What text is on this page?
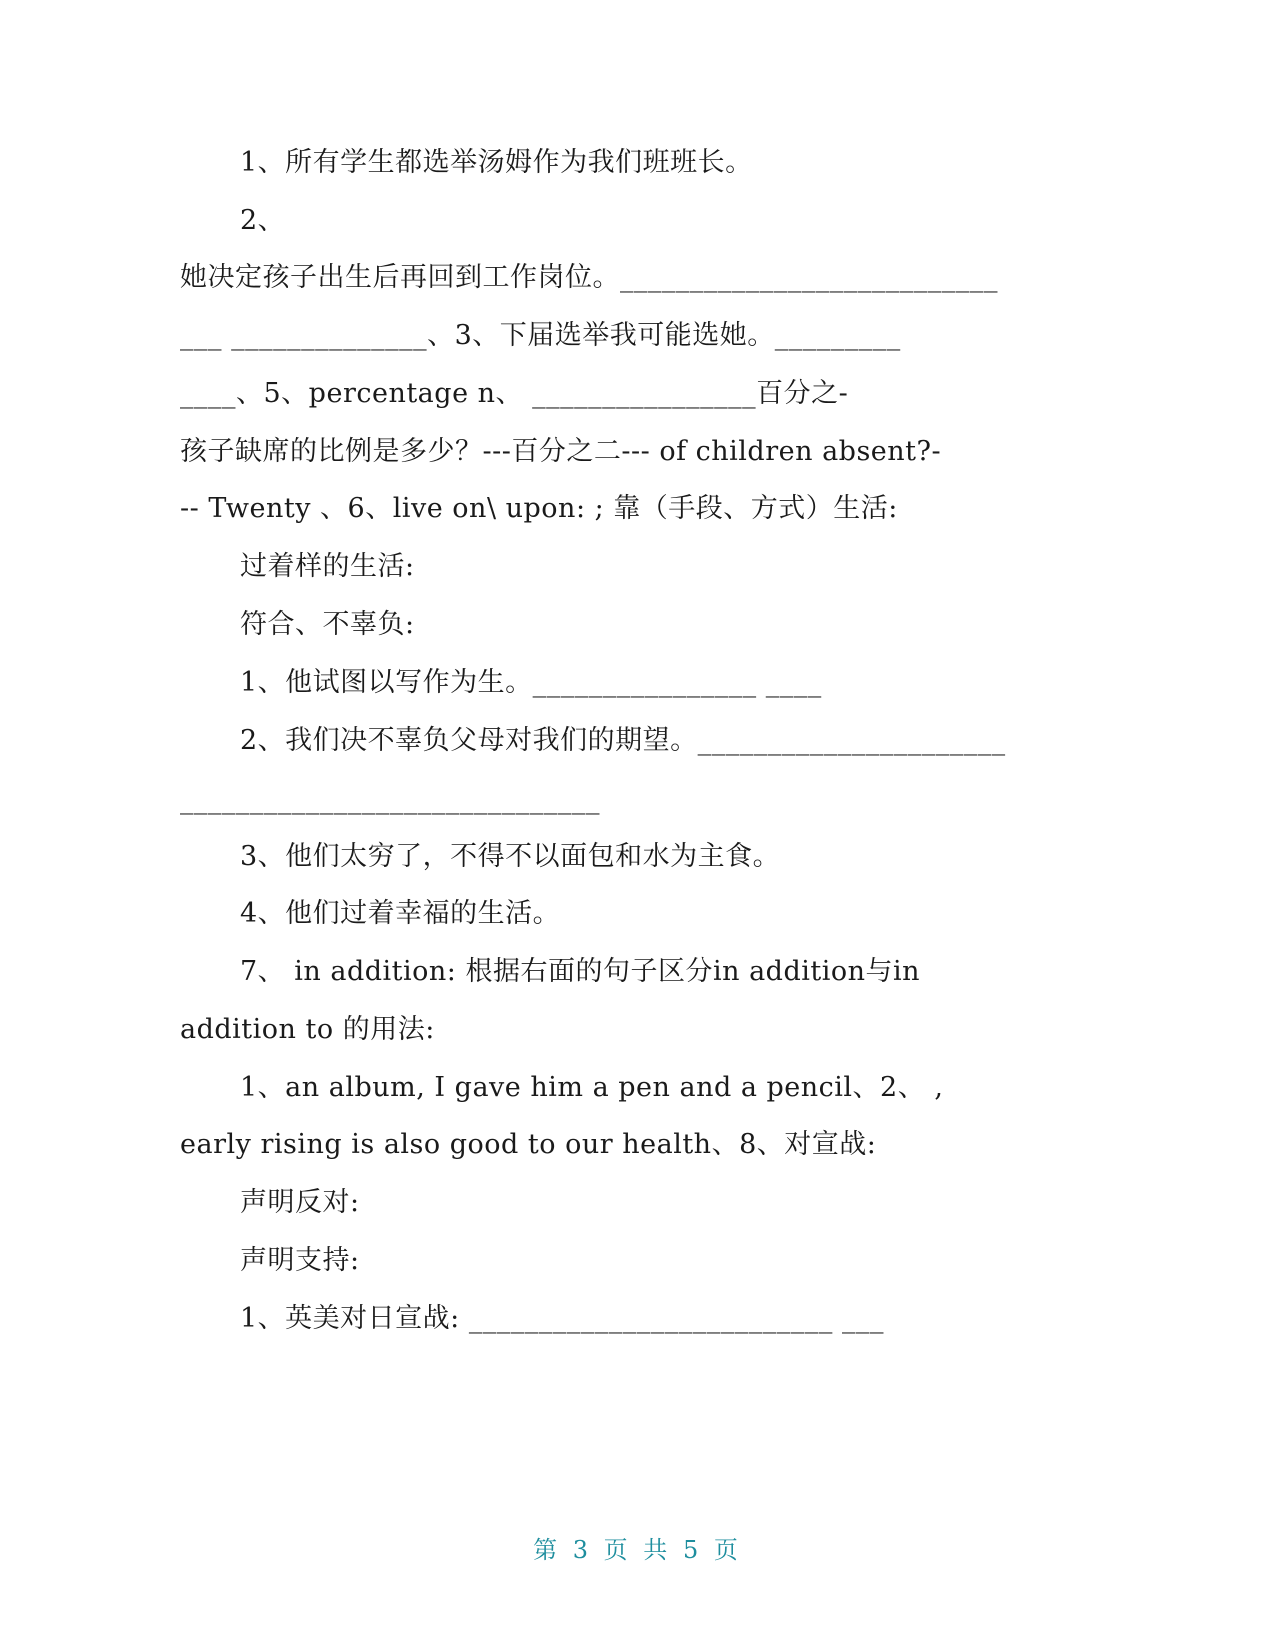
1、所有学生都选举汤姆作为我们班班长。
2、
她决定孩子出生后再回到工作岗位。___________________________
___ ______________、3、下届选举我可能选她。_________
____、5、percentage n、 ________________百分之-
孩子缺席的比例是多少？---百分之二--- of children absent?-
-- Twenty 、6、live on\ upon: ; 靠（手段、方式）生活:
过着样的生活:
符合、不辜负:
1、他试图以写作为生。________________ ____
2、我们决不辜负父母对我们的期望。______________________
______________________________
3、他们太穷了，不得不以面包和水为主食。
4、他们过着幸福的生活。
7、 in addition: 根据右面的句子区分in addition与in
addition to 的用法:
1、an album, I gave him a pen and a pencil、2、 ,
early rising is also good to our health、8、对宣战:
声明反对:
声明支持:
1、英美对日宣战: __________________________ ___
第 3 页 共 5 页
